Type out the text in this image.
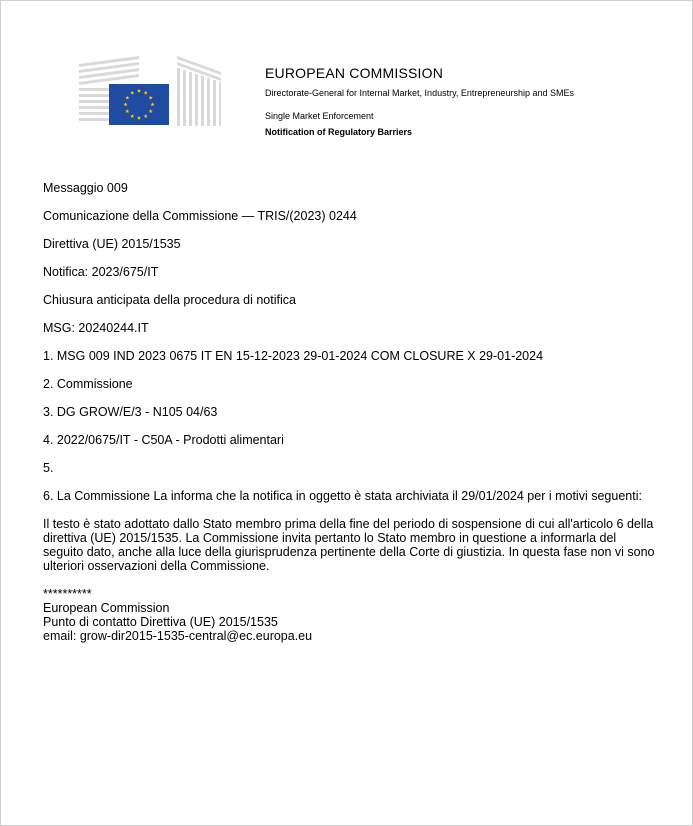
EUROPEAN COMMISSION
Directorate-General for Internal Market, Industry, Entrepreneurship and SMEs
Single Market Enforcement
Notification of Regulatory Barriers

Messaggio 009

Comunicazione della Commissione — TRIS/(2023) 0244

Direttiva (UE) 2015/1535

Notifica: 2023/675/IT

Chiusura anticipata della procedura di notifica

MSG: 20240244.IT

1. MSG 009 IND 2023 0675 IT EN 15-12-2023 29-01-2024 COM CLOSURE X 29-01-2024

2. Commissione

3. DG GROW/E/3 - N105 04/63

4. 2022/0675/IT - C50A - Prodotti alimentari

5.

6. La Commissione La informa che la notifica in oggetto è stata archiviata il 29/01/2024 per i motivi seguenti:

Il testo è stato adottato dallo Stato membro prima della fine del periodo di sospensione di cui all'articolo 6 della direttiva (UE) 2015/1535. La Commissione invita pertanto lo Stato membro in questione a informarla del seguito dato, anche alla luce della giurisprudenza pertinente della Corte di giustizia. In questa fase non vi sono ulteriori osservazioni della Commissione.
**********
European Commission
Punto di contatto Direttiva (UE) 2015/1535
email: grow-dir2015-1535-central@ec.europa.eu
